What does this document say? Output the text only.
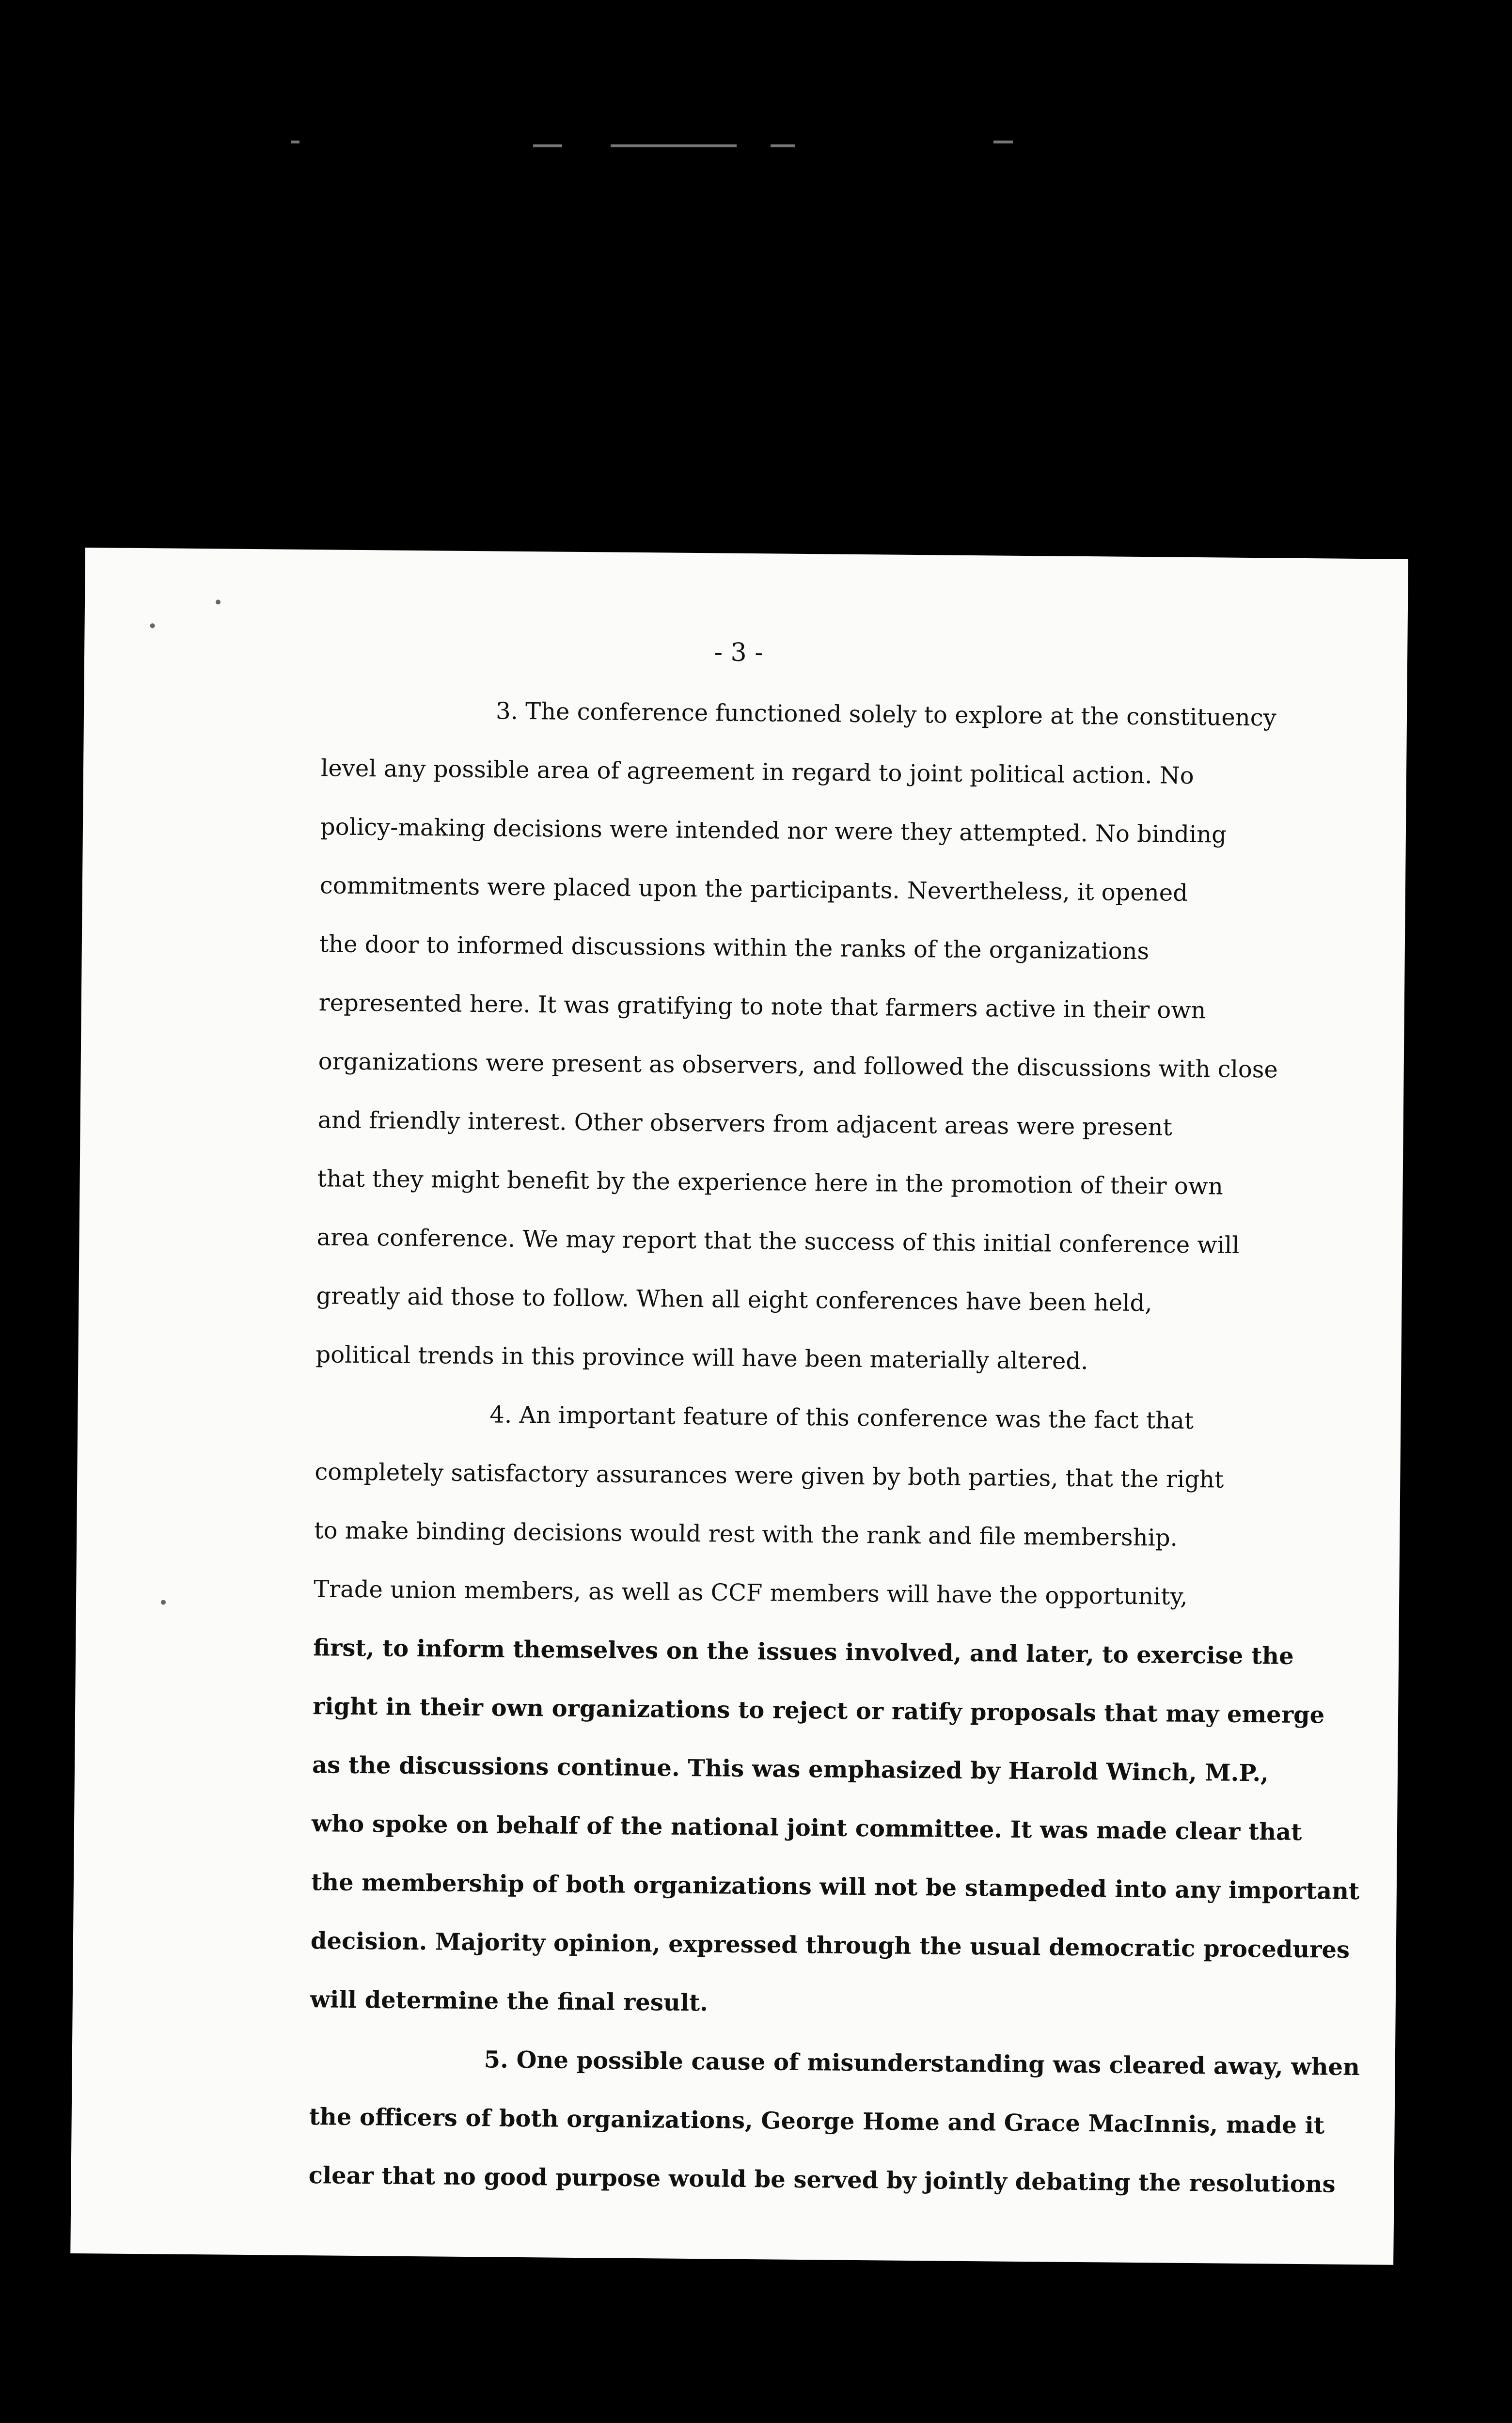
- 3 -
3. The conference functioned solely to explore at the constituency
level any possible area of agreement in regard to joint political action. No
policy-making decisions were intended nor were they attempted. No binding
commitments were placed upon the participants. Nevertheless, it opened
the door to informed discussions within the ranks of the organizations
represented here. It was gratifying to note that farmers active in their own
organizations were present as observers, and followed the discussions with close
and friendly interest. Other observers from adjacent areas were present
that they might benefit by the experience here in the promotion of their own
area conference. We may report that the success of this initial conference will
greatly aid those to follow. When all eight conferences have been held,
political trends in this province will have been materially altered.
4. An important feature of this conference was the fact that
completely satisfactory assurances were given by both parties, that the right
to make binding decisions would rest with the rank and file membership.
Trade union members, as well as CCF members will have the opportunity,
first, to inform themselves on the issues involved, and later, to exercise the
right in their own organizations to reject or ratify proposals that may emerge
as the discussions continue. This was emphasized by Harold Winch, M.P.,
who spoke on behalf of the national joint committee. It was made clear that
the membership of both organizations will not be stampeded into any important
decision. Majority opinion, expressed through the usual democratic procedures
will determine the final result.
5. One possible cause of misunderstanding was cleared away, when
the officers of both organizations, George Home and Grace MacInnis, made it
clear that no good purpose would be served by jointly debating the resolutions
